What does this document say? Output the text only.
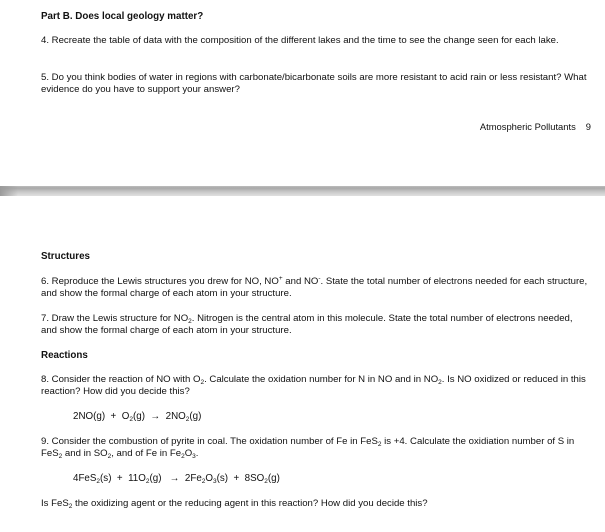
Part B. Does local geology matter?
4. Recreate the table of data with the composition of the different lakes and the time to see the change seen for each lake.
5. Do you think bodies of water in regions with carbonate/bicarbonate soils are more resistant to acid rain or less resistant? What evidence do you have to support your answer?
Atmospheric Pollutants 9
Structures
6. Reproduce the Lewis structures you drew for NO, NO+ and NO-. State the total number of electrons needed for each structure, and show the formal charge of each atom in your structure.
7. Draw the Lewis structure for $NO_2$. Nitrogen is the central atom in this molecule. State the total number of electrons needed, and show the formal charge of each atom in your structure.
Reactions
8. Consider the reaction of NO with $O_2$. Calculate the oxidation number for N in NO and in $NO_2$. Is NO oxidized or reduced in this reaction? How did you decide this?
$2NO(g) + O_2(g) \to 2NO_2(g)$
9. Consider the combustion of pyrite in coal. The oxidation number of Fe in FeS$_2$ is +4. Calculate the oxidiation number of S in FeS$_2$ and in $SO_2$, and of Fe in $Fe_2O_3$.
$4FeS_2(s) + 11O_2(g) \to 2Fe_2O_3(s) + 8SO_2(g)$
Is FeS$_2$ the oxidizing agent or the reducing agent in this reaction? How did you decide this?
